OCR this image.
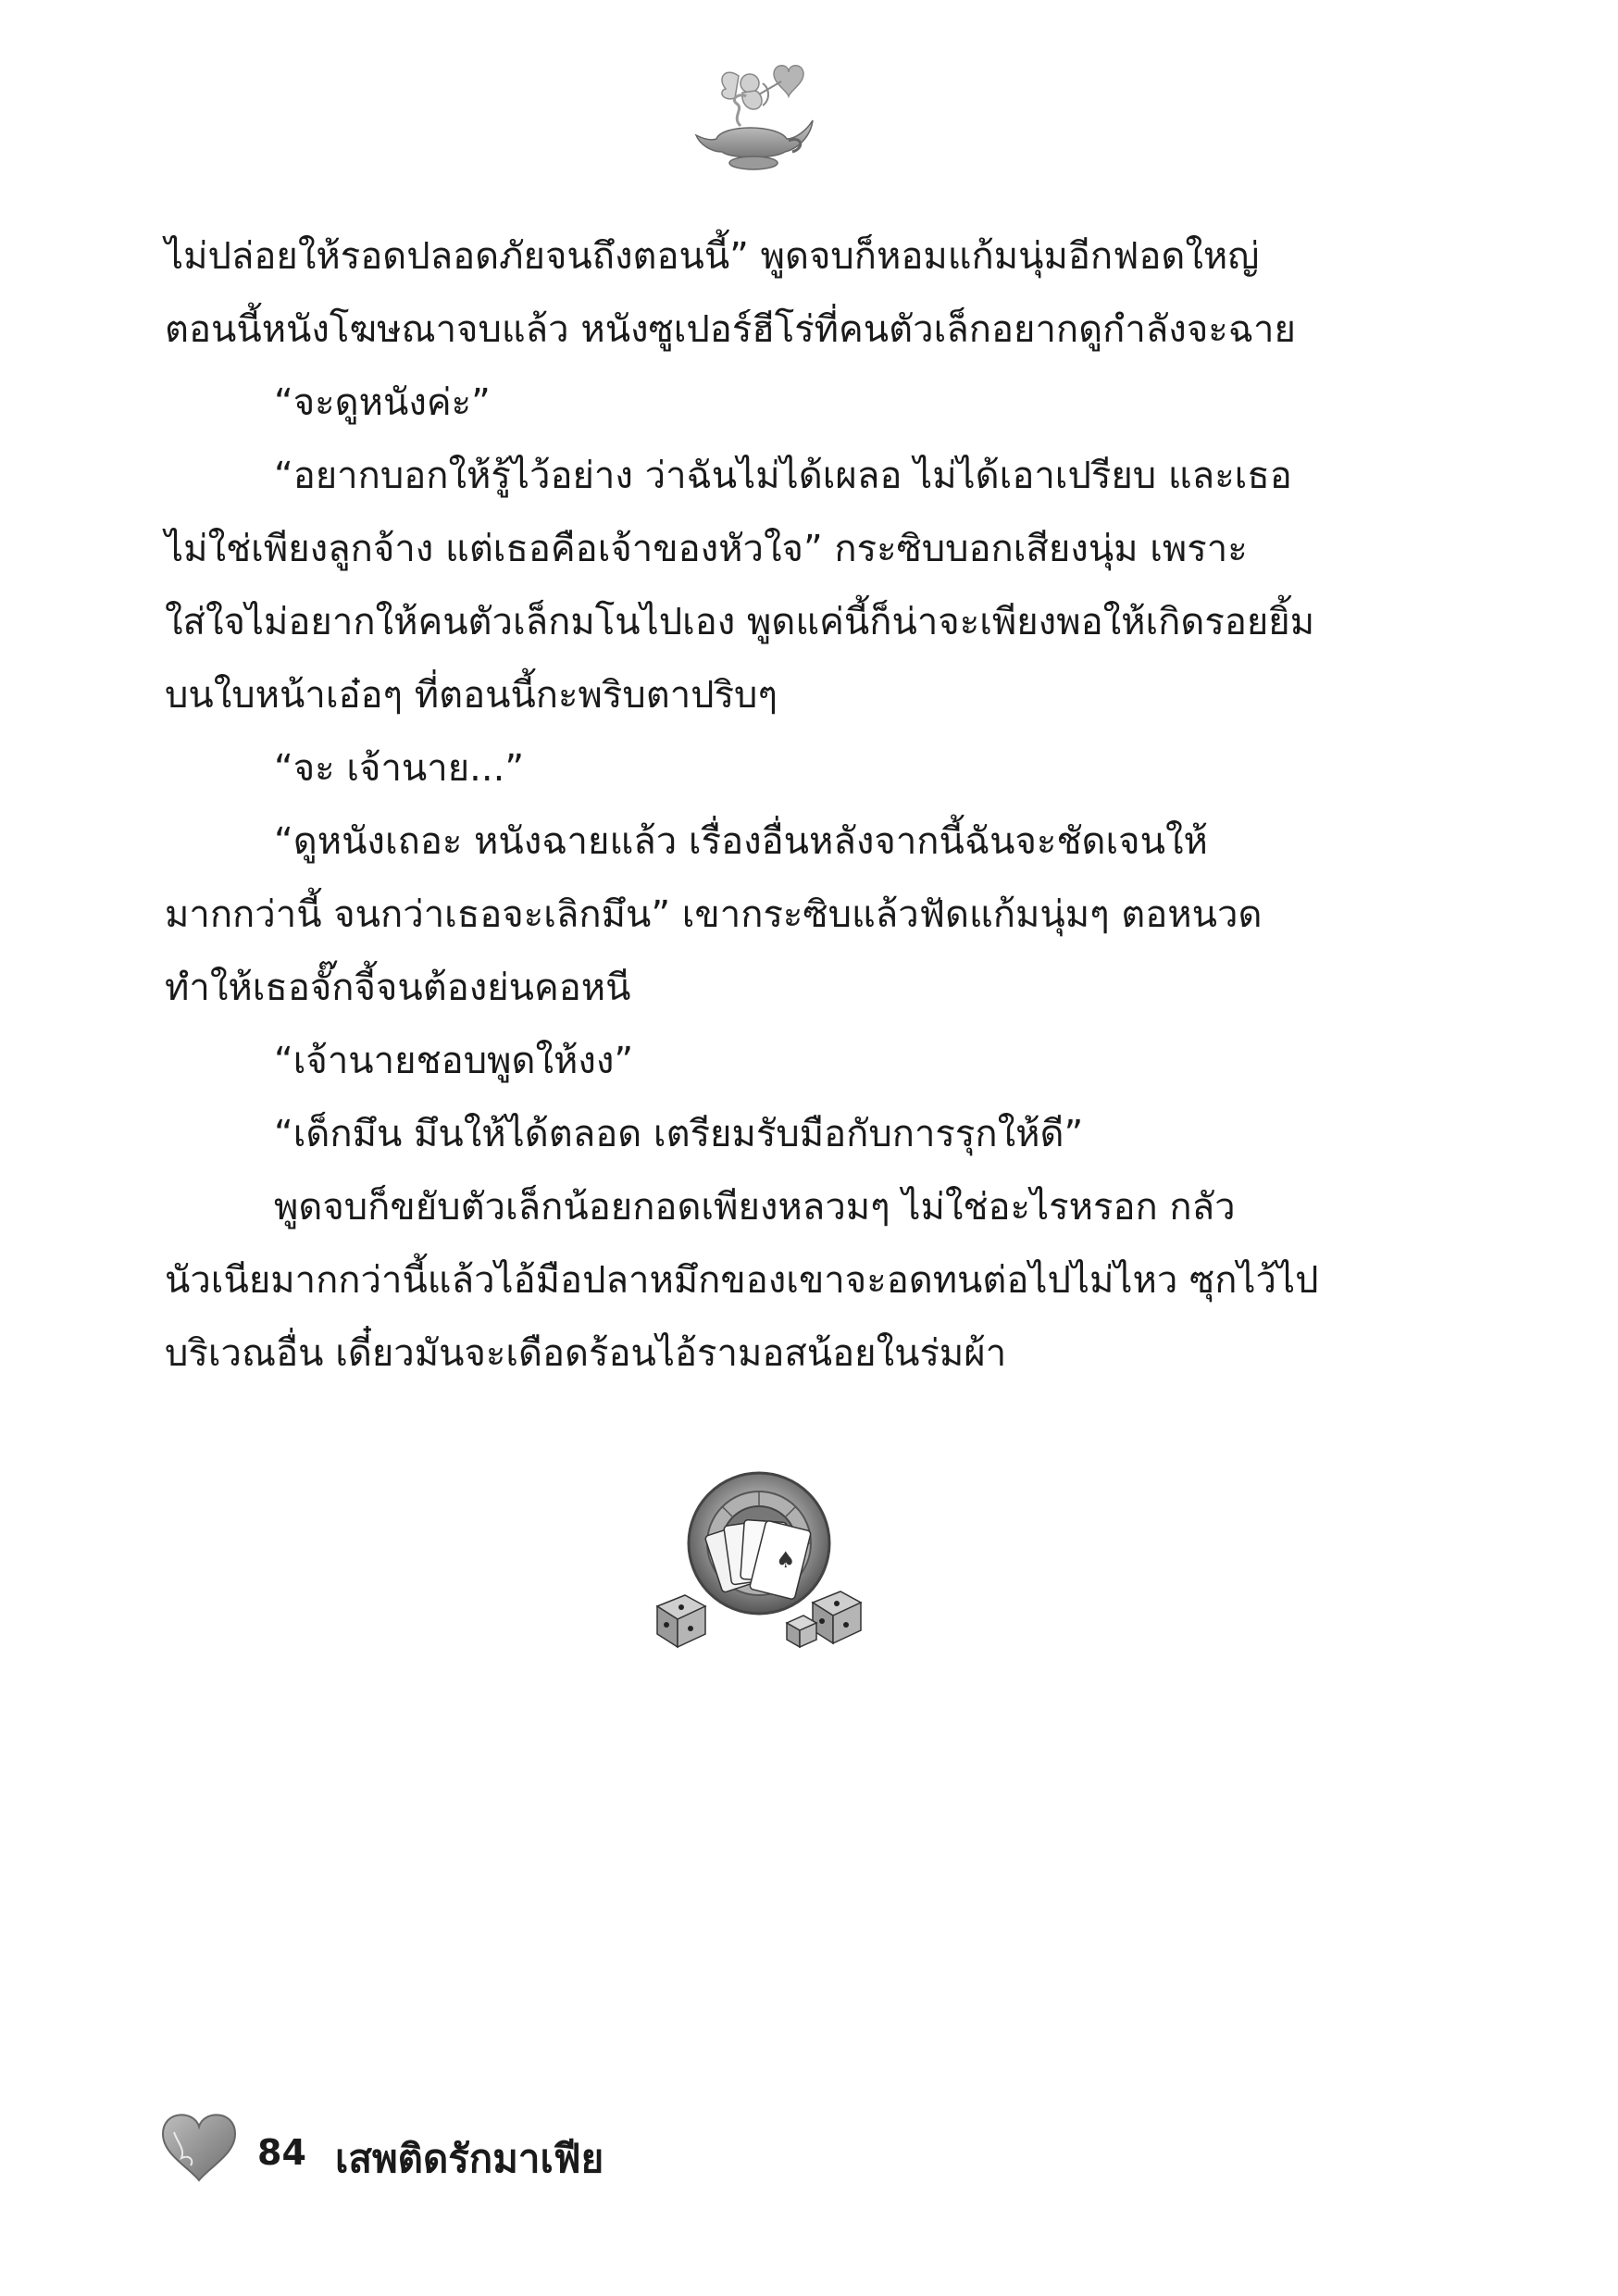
ไม่ปล่อยให้รอดปลอดภัยจนถึงตอนนี้” พูดจบก็หอมแก้มนุ่มอีกฟอดใหญ่

ตอนนี้หนังโฆษณาจบแล้ว หนังซูเปอร์ฮีโร่ที่คนตัวเล็กอยากดูกำลังจะฉาย

“จะดูหนังค่ะ”

“อยากบอกให้รู้ไว้อย่าง ว่าฉันไม่ได้เผลอ ไม่ได้เอาเปรียบ และเธอ

ไม่ใช่เพียงลูกจ้าง แต่เธอคือเจ้าของหัวใจ” กระซิบบอกเสียงนุ่ม เพราะ

ใส่ใจไม่อยากให้คนตัวเล็กมโนไปเอง พูดแค่นี้ก็น่าจะเพียงพอให้เกิดรอยยิ้ม

บนใบหน้าเอ๋อๆ ที่ตอนนี้กะพริบตาปริบๆ

“จะ เจ้านาย...”

“ดูหนังเถอะ หนังฉายแล้ว เรื่องอื่นหลังจากนี้ฉันจะชัดเจนให้

มากกว่านี้ จนกว่าเธอจะเลิกมึน” เขากระซิบแล้วฟัดแก้มนุ่มๆ ตอหนวด

ทำให้เธอจั๊กจี้จนต้องย่นคอหนี

“เจ้านายชอบพูดให้งง”

“เด็กมึน มึนให้ได้ตลอด เตรียมรับมือกับการรุกให้ดี”

พูดจบก็ขยับตัวเล็กน้อยกอดเพียงหลวมๆ ไม่ใช่อะไรหรอก กลัว

นัวเนียมากกว่านี้แล้วไอ้มือปลาหมึกของเขาจะอดทนต่อไปไม่ไหว ซุกไว้ไป

บริเวณอื่น เดี๋ยวมันจะเดือดร้อนไอ้รามอสน้อยในร่มผ้า

♠
84 เสพติดรักมาเฟีย
